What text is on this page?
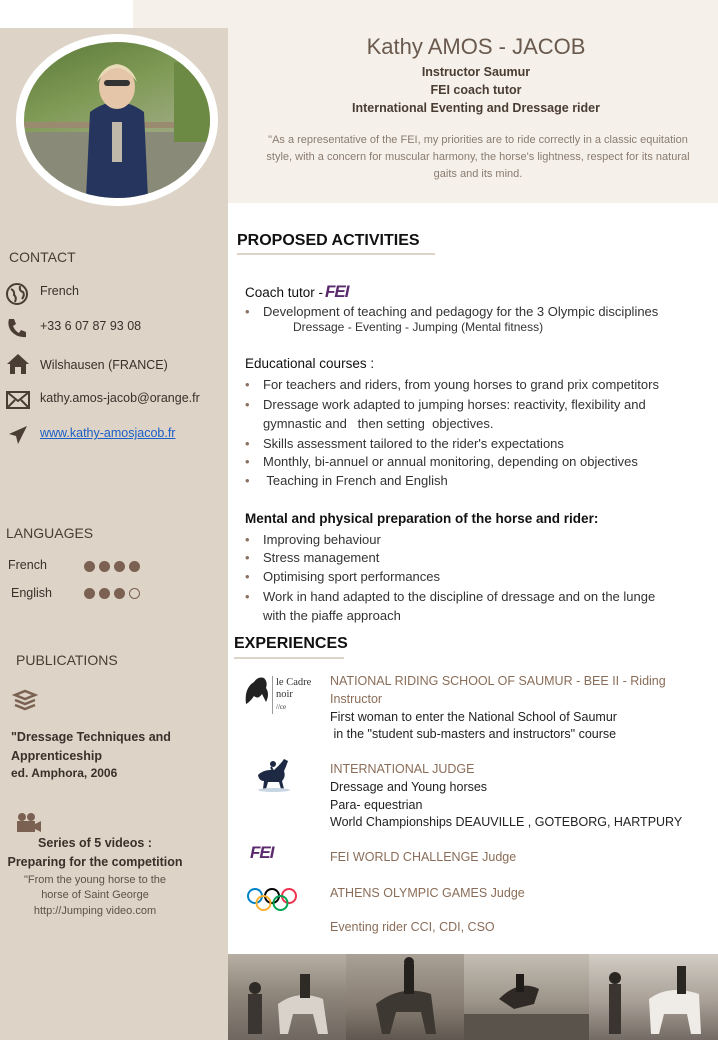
Kathy AMOS - JACOB
Instructor Saumur
FEI coach tutor
International Eventing and Dressage rider
"As a representative of the FEI, my priorities are to ride correctly in a classic equitation style, with a concern for muscular harmony, the horse's lightness, respect for its natural gaits and its mind.
CONTACT
French
+33 6 07 87 93 08
Wilshausen (FRANCE)
kathy.amos-jacob@orange.fr
www.kathy-amosjacob.fr
LANGUAGES
French
English
PUBLICATIONS
"Dressage Techniques and
Apprenticeship
ed. Amphora, 2006
Series of 5 videos :
Preparing for the competition
"From the young horse to the
horse of Saint George
http://Jumping video.com
PROPOSED ACTIVITIES
Coach tutor - FEI
• Development of teaching and pedagogy for the 3 Olympic disciplines
Dressage - Eventing - Jumping (Mental fitness)
Educational courses :
• For teachers and riders, from young horses to grand prix competitors
• Dressage work adapted to jumping horses: reactivity, flexibility and
gymnastic and   then setting  objectives.
• Skills assessment tailored to the rider's expectations
• Monthly, bi-annuel or annual monitoring, depending on objectives
• Teaching in French and English
Mental and physical preparation of the horse and rider:
• Improving behaviour
• Stress management
• Optimising sport performances
• Work in hand adapted to the discipline of dressage and on the lunge
with the piaffe approach
EXPERIENCES
le Cadre
noir
//ce
NATIONAL RIDING SCHOOL OF SAUMUR - BEE II - Riding
Instructor
First woman to enter the National School of Saumur
in the "student sub-masters and instructors" course
INTERNATIONAL JUDGE
Dressage and Young horses
Para- equestrian
World Championships DEAUVILLE , GOTEBORG, HARTPURY
FEI	FEI WORLD CHALLENGE Judge
ATHENS OLYMPIC GAMES Judge
Eventing rider CCI, CDI, CSO
